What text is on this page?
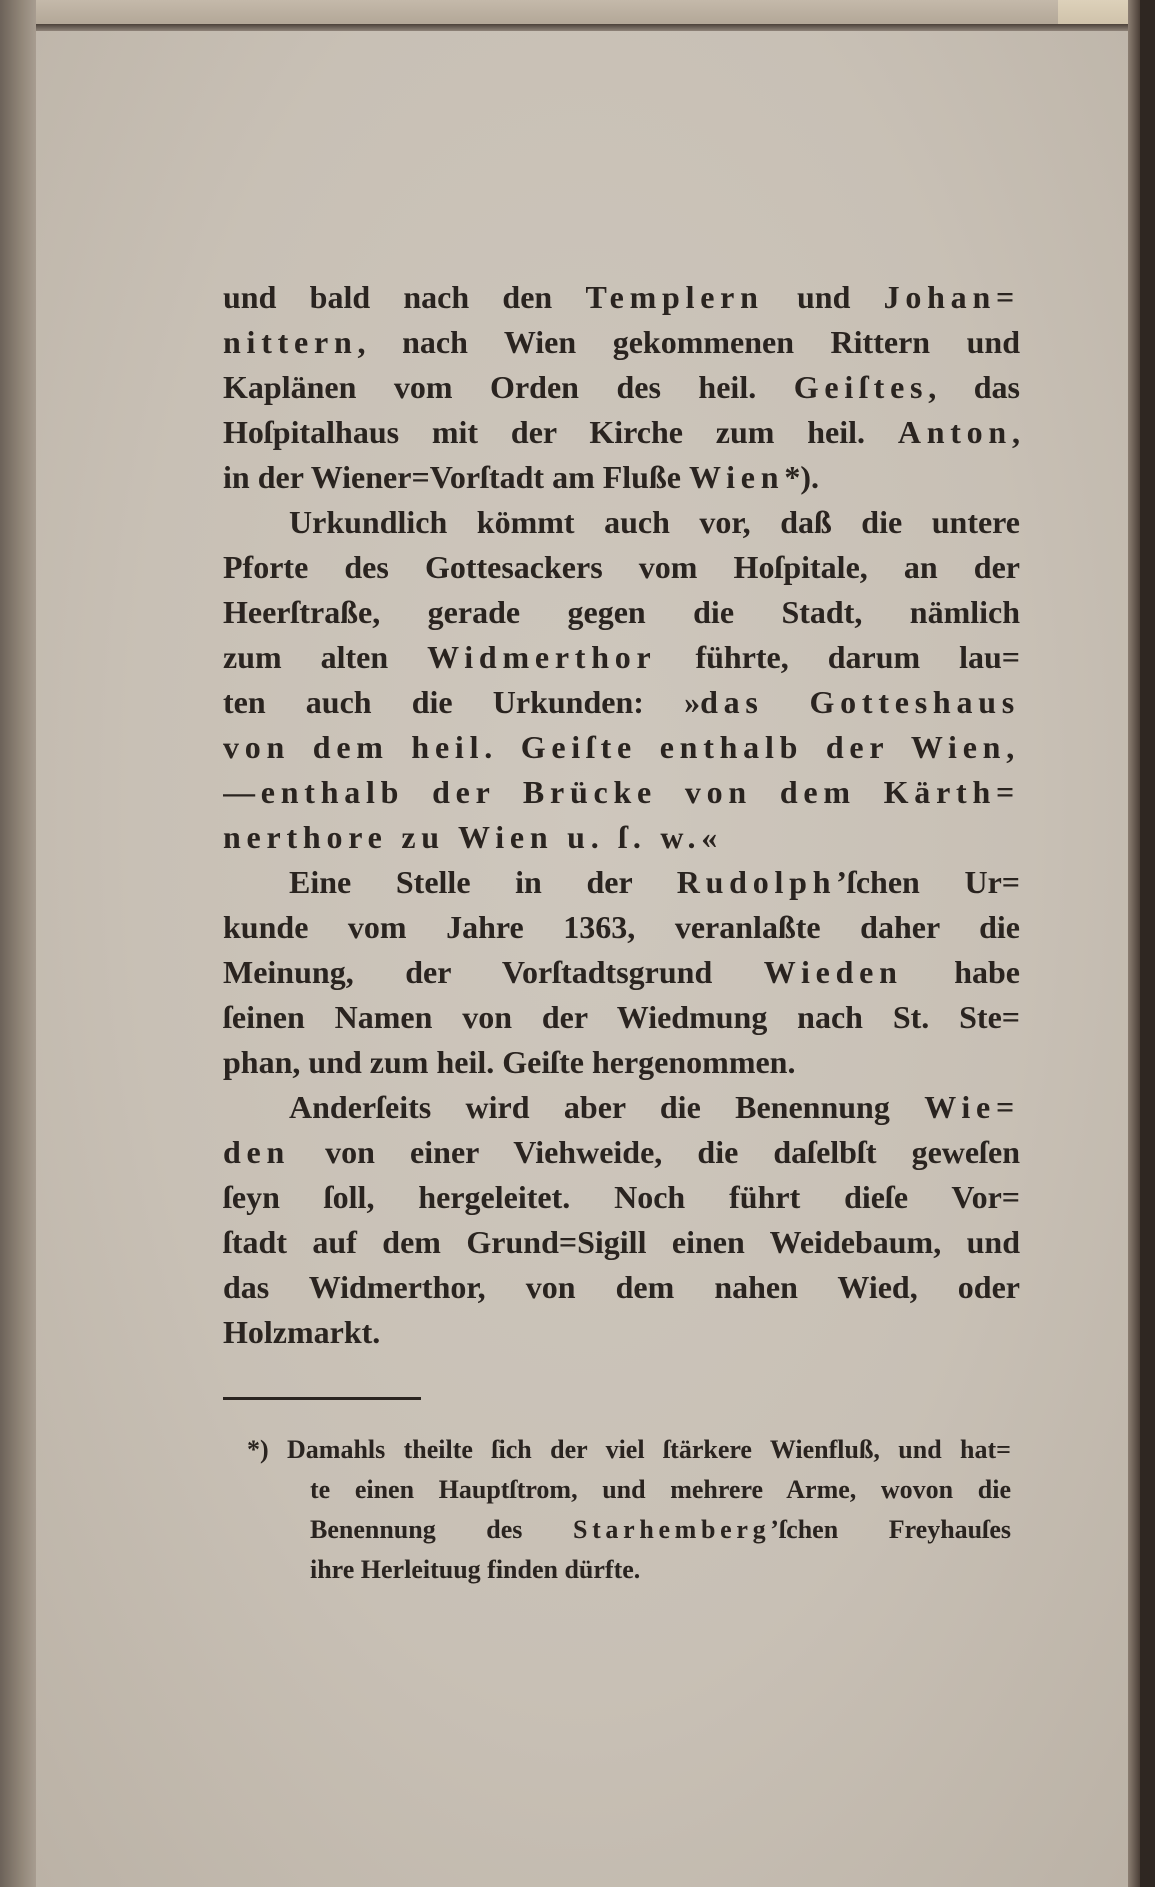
und bald nach den Templern und Johan=
nittern, nach Wien gekommenen Rittern und
Kaplänen vom Orden des heil. Geiſtes, das
Hoſpitalhaus mit der Kirche zum heil. Anton,
in der Wiener=Vorſtadt am Fluße Wien*).
Urkundlich kömmt auch vor, daß die untere
Pforte des Gottesackers vom Hoſpitale, an der
Heerſtraße, gerade gegen die Stadt, nämlich
zum alten Widmerthor führte, darum lau=
ten auch die Urkunden: »das Gotteshaus
von dem heil. Geiſte enthalb der Wien,
—enthalb der Brücke von dem Kärth=
nerthore zu Wien u. ſ. w.«
Eine Stelle in der Rudolph’ſchen Ur=
kunde vom Jahre 1363, veranlaßte daher die
Meinung, der Vorſtadtsgrund Wieden habe
ſeinen Namen von der Wiedmung nach St. Ste=
phan, und zum heil. Geiſte hergenommen.
Anderſeits wird aber die Benennung Wie=
den von einer Viehweide, die daſelbſt geweſen
ſeyn ſoll, hergeleitet. Noch führt dieſe Vor=
ſtadt auf dem Grund=Sigill einen Weidebaum, und
das Widmerthor, von dem nahen Wied, oder
Holzmarkt.
*) Damahls theilte ſich der viel ſtärkere Wienfluß, und hat=
te einen Hauptſtrom, und mehrere Arme, wovon die
Benennung des Starhemberg’ſchen Freyhauſes
ihre Herleituug finden dürfte.
